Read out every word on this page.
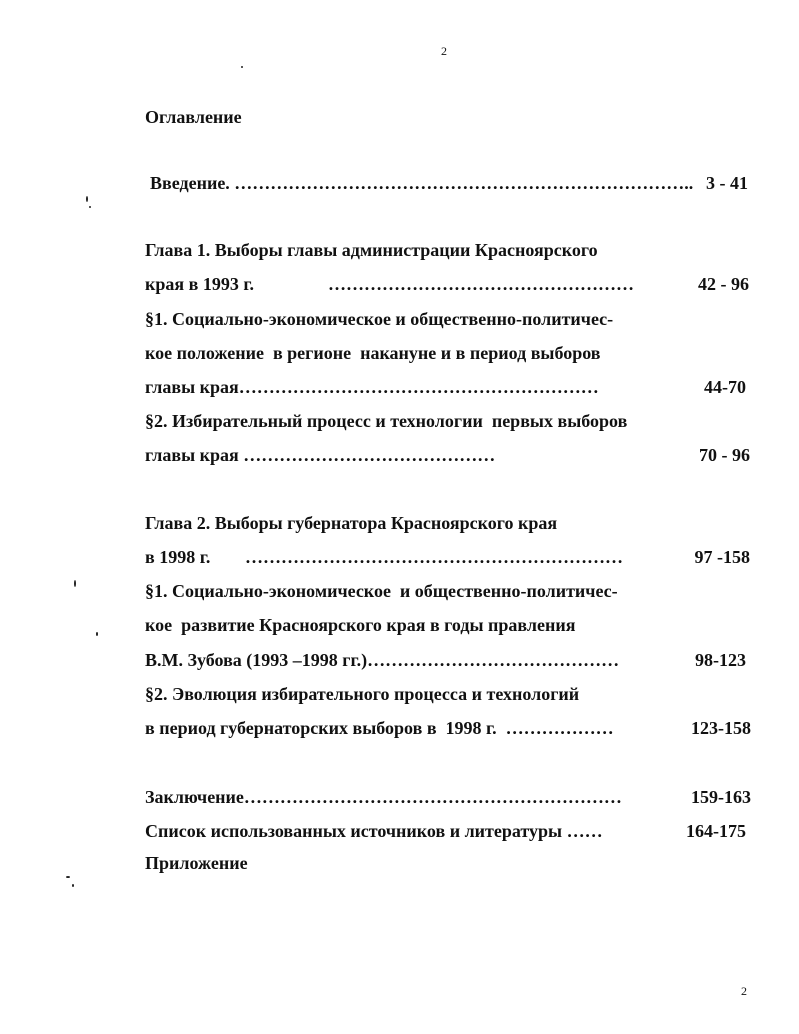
2
Оглавление
Введение. ………………………………………………………………….. 3 - 41
Глава 1. Выборы главы администрации Красноярского
края в 1993 г.	……………………………………………	42 - 96
§1. Социально-экономическое и общественно-политичес-
кое положение  в регионе  накануне и в период выборов
главы края……………………………………………………	44-70
§2. Избирательный процесс и технологии  первых выборов
главы края ……………………………………	70 - 96
Глава 2. Выборы губернатора Красноярского края
в 1998 г. ………………………………………………………	97 -158
§1. Социально-экономическое  и общественно-политичес-
кое  развитие Красноярского края в годы правления
В.М. Зубова (1993 –1998 гг.)……………………………………	98-123
§2. Эволюция избирательного процесса и технологий
в период губернаторских выборов в  1998 г.  ………………	123-158
Заключение………………………………………………………	159-163
Список использованных источников и литературы ……	164-175
Приложение
2
